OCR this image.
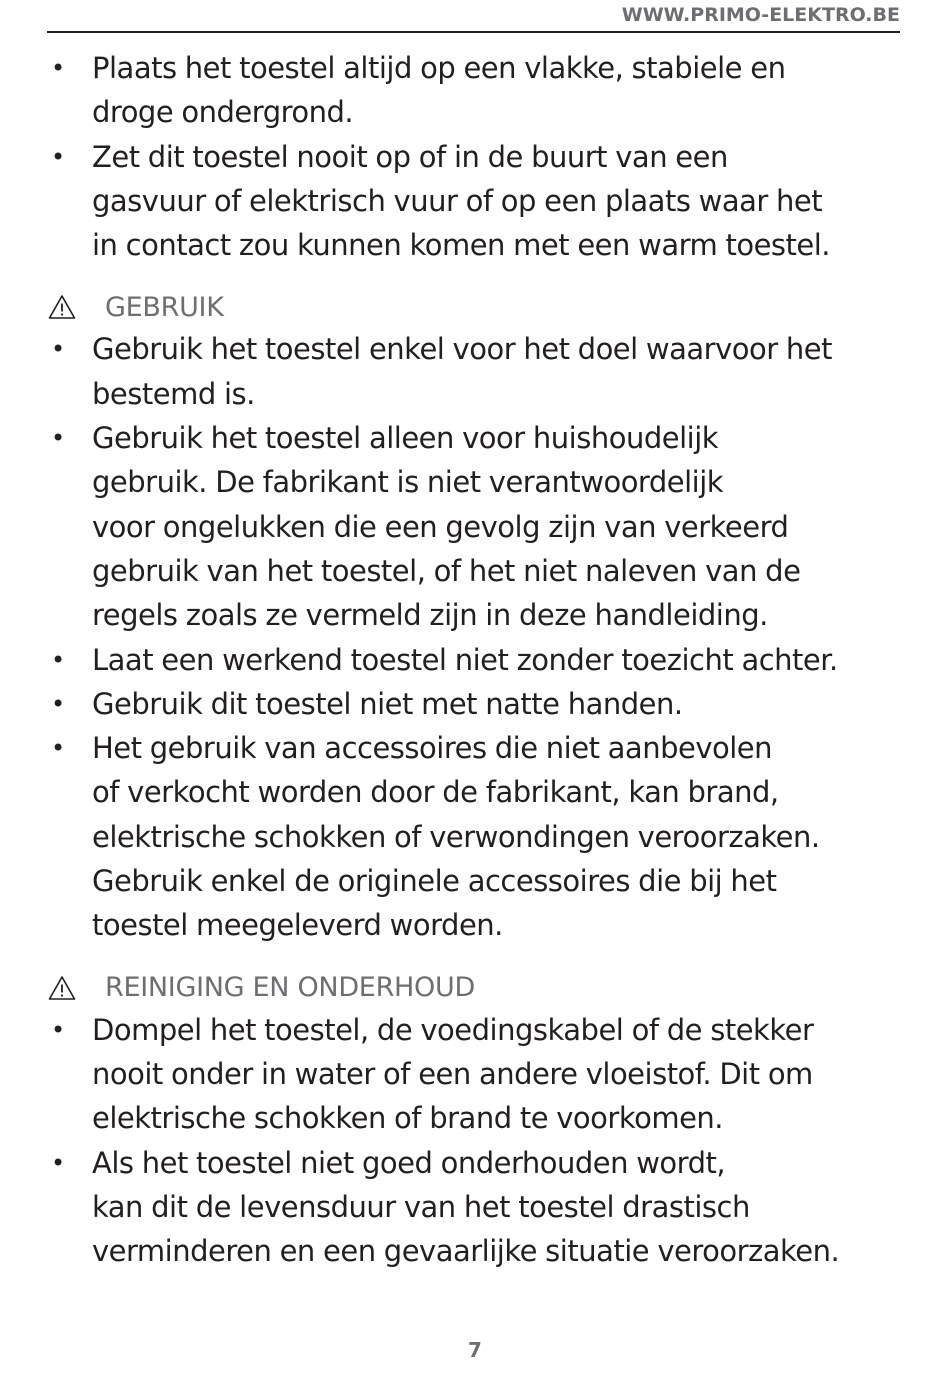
WWW.PRIMO-ELEKTRO.BE
• Plaats het toestel altijd op een vlakke, stabiele en
droge ondergrond.
• Zet dit toestel nooit op of in de buurt van een
gasvuur of elektrisch vuur of op een plaats waar het
in contact zou kunnen komen met een warm toestel.
GEBRUIK
• Gebruik het toestel enkel voor het doel waarvoor het
bestemd is.
• Gebruik het toestel alleen voor huishoudelijk
gebruik. De fabrikant is niet verantwoordelijk
voor ongelukken die een gevolg zijn van verkeerd
gebruik van het toestel, of het niet naleven van de
regels zoals ze vermeld zijn in deze handleiding.
• Laat een werkend toestel niet zonder toezicht achter.
• Gebruik dit toestel niet met natte handen.
• Het gebruik van accessoires die niet aanbevolen
of verkocht worden door de fabrikant, kan brand,
elektrische schokken of verwondingen veroorzaken.
Gebruik enkel de originele accessoires die bij het
toestel meegeleverd worden.
REINIGING EN ONDERHOUD
• Dompel het toestel, de voedingskabel of de stekker
nooit onder in water of een andere vloeistof. Dit om
elektrische schokken of brand te voorkomen.
• Als het toestel niet goed onderhouden wordt,
kan dit de levensduur van het toestel drastisch
verminderen en een gevaarlijke situatie veroorzaken.
7
